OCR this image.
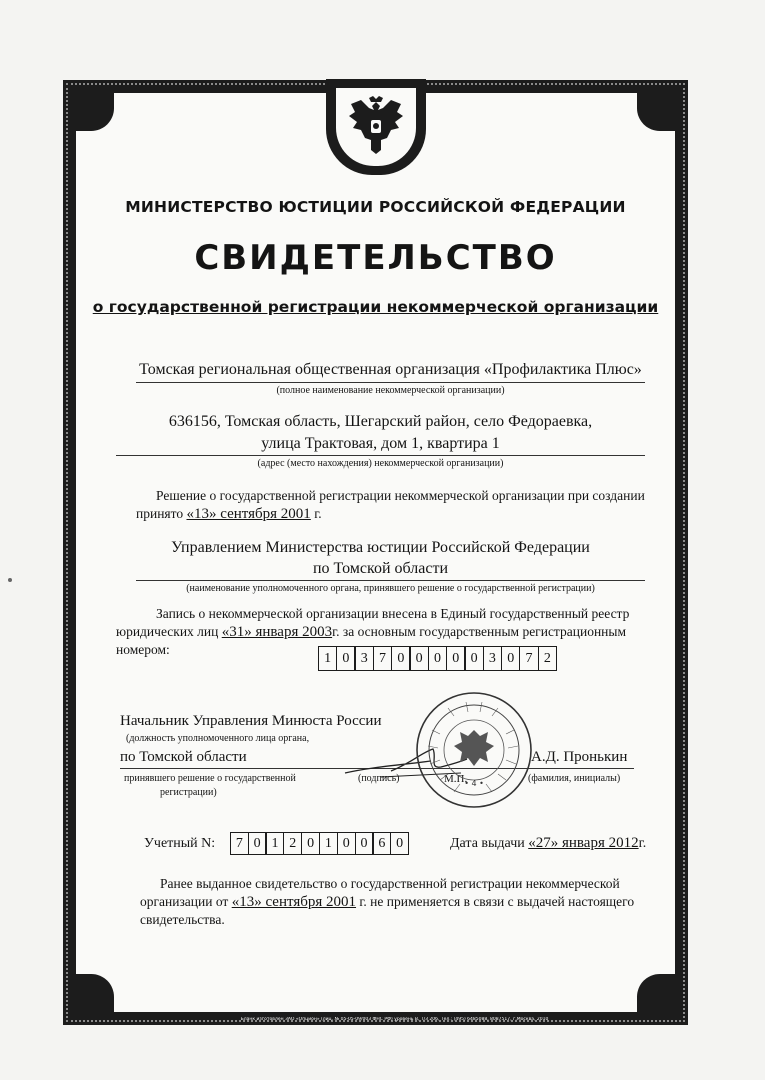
МИНИСТЕРСТВО ЮСТИЦИИ РОССИЙСКОЙ ФЕДЕРАЦИИ
СВИДЕТЕЛЬСТВО
о государственной регистрации некоммерческой организации
Томская региональная общественная организация «Профилактика Плюс»
(полное наименование некоммерческой организации)
636156, Томская область, Шегарский район, село Федораевка,
улица Трактовая, дом 1, квартира 1
(адрес (место нахождения) некоммерческой организации)
Решение о государственной регистрации некоммерческой организации при создании
принято «13» сентября 2001 г.
Управлением Министерства юстиции Российской Федерации
по Томской области
(наименование уполномоченного органа, принявшего решение о государственной регистрации)
Запись о некоммерческой организации внесена в Единый государственный реестр
юридических лиц «31» января 2003г. за основным государственным регистрационным
номером:
1 0 3 7 0 0 0 0 0 3 0 7 2
Начальник Управления Минюста России
(должность уполномоченного лица органа,
по Томской области
принявшего решение о государственной
регистрации)
(подпись)	М.П.
А.Д. Пронькин
(фамилия, инициалы)
• 4 •
Учетный N:	7 0 1 2 0 1 0 0 6 0	Дата выдачи «27» января 2012г.
Ранее выданное свидетельство о государственной регистрации некоммерческой
организации от «13» сентября 2001 г. не применяется в связи с выдачей настоящего
свидетельства.
Бланк изготовлен ЗАО «Опцион» (лиц. № 05-05-09/003 ФНС РФ) уровень В, Т/З 206, Тел.: (495) 6485088, 8087517, г.Москва, 2010
